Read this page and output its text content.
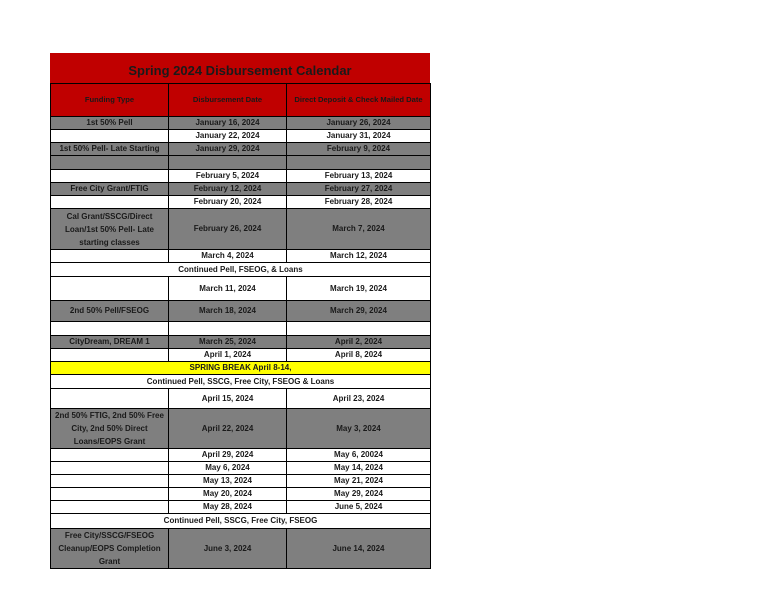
Spring 2024 Disbursement Calendar
Funding Type	Disbursement Date	Direct Deposit & Check Mailed Date
1st 50% Pell	January 16, 2024	January 26, 2024
	January 22, 2024	January 31, 2024
1st 50% Pell- Late Starting	January 29, 2024	February 9, 2024

	February 5, 2024	February 13, 2024
Free City Grant/FTIG	February 12, 2024	February 27, 2024
	February 20, 2024	February 28, 2024
Cal Grant/SSCG/Direct Loan/1st 50% Pell- Late starting classes	February 26, 2024	March 7, 2024
	March 4, 2024	March 12, 2024
Continued Pell, FSEOG, & Loans		
	March 11, 2024	March 19, 2024
2nd 50% Pell/FSEOG	March 18, 2024	March 29, 2024

CityDream, DREAM 1	March 25, 2024	April 2, 2024
	April 1, 2024	April 8, 2024
SPRING BREAK April 8-14,		
Continued Pell, SSCG, Free City, FSEOG & Loans		
	April 15, 2024	April 23, 2024
2nd 50% FTIG, 2nd 50% Free City, 2nd 50% Direct Loans/EOPS Grant	April 22, 2024	May 3, 2024
	April 29, 2024	May 6, 20024
	May 6, 2024	May 14, 2024
	May 13, 2024	May 21, 2024
	May 20, 2024	May 29, 2024
	May 28, 2024	June 5, 2024
Continued Pell, SSCG, Free City, FSEOG		
Free City/SSCG/FSEOG Cleanup/EOPS Completion Grant	June 3, 2024	June 14, 2024
